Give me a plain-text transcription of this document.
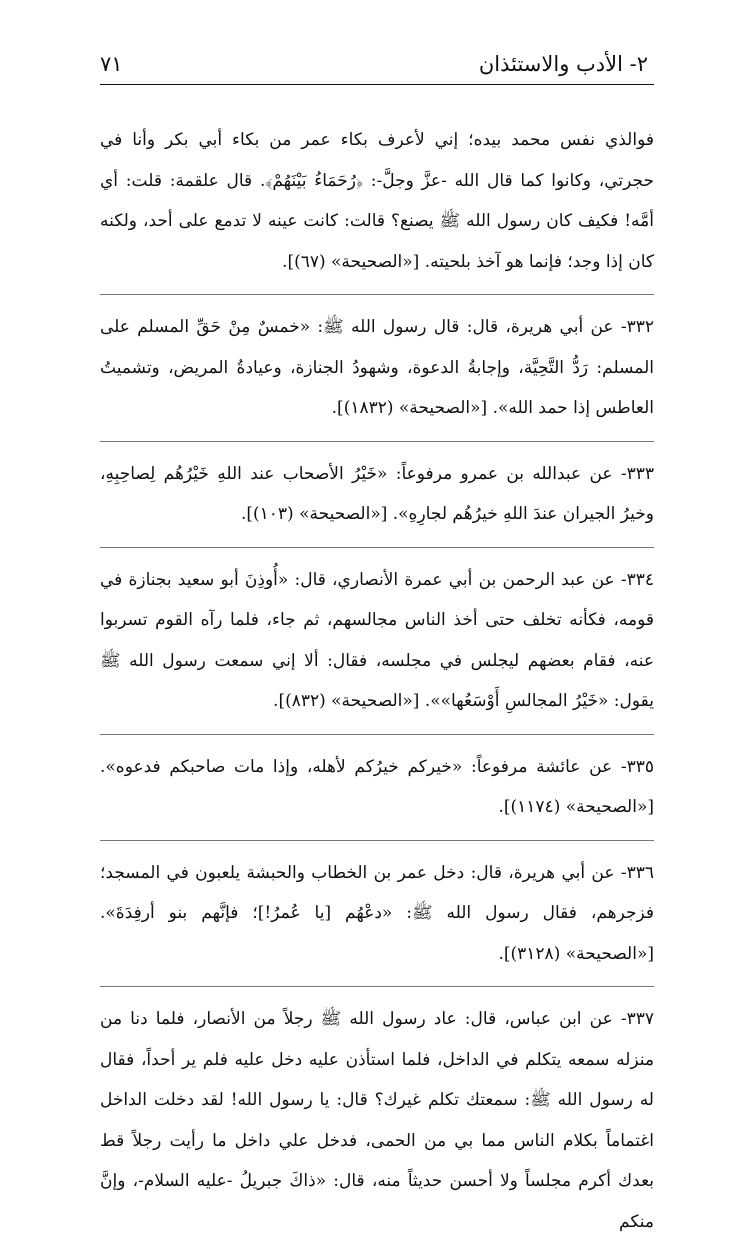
٢- الأدب والاستئذان
٧١

فوالذي نفس محمد بيده؛ إني لأعرف بكاء عمر من بكاء أبي بكر وأنا في حجرتي، وكانوا كما قال الله -عزَّ وجلَّ-: ﴿رُحَمَاءُ بَيْنَهُمْ﴾. قال علقمة: قلت: أي أمَّه! فكيف كان رسول الله ﷺ يصنع؟ قالت: كانت عينه لا تدمع على أحد، ولكنه كان إذا وجد؛ فإنما هو آخذ بلحيته. [«الصحيحة» (٦٧)].

٣٣٢- عن أبي هريرة، قال: قال رسول الله ﷺ: «خمسٌ مِنْ حَقِّ المسلم على المسلم: رَدُّ التَّحِيَّة، وإجابةُ الدعوة، وشهودُ الجنازة، وعيادةُ المريض، وتشميتُ العاطس إذا حمد الله». [«الصحيحة» (١٨٣٢)].

٣٣٣- عن عبدالله بن عمرو مرفوعاً: «خَيْرُ الأصحاب عند اللهِ خَيْرُهُم لِصاحِبِهِ، وخيرُ الجيران عندَ اللهِ خيرُهُم لجارِهِ». [«الصحيحة» (١٠٣)].

٣٣٤- عن عبد الرحمن بن أبي عمرة الأنصاري، قال: «أُوذِنَ أبو سعيد بجنازة في قومه، فكأنه تخلف حتى أخذ الناس مجالسهم، ثم جاء، فلما رآه القوم تسربوا عنه، فقام بعضهم ليجلس في مجلسه، فقال: ألا إني سمعت رسول الله ﷺ يقول: «خَيْرُ المجالسِ أَوْسَعُها»». [«الصحيحة» (٨٣٢)].

٣٣٥- عن عائشة مرفوعاً: «خيركم خيرُكم لأهله، وإذا مات صاحبكم فدعوه». [«الصحيحة» (١١٧٤)].

٣٣٦- عن أبي هريرة، قال: دخل عمر بن الخطاب والحبشة يلعبون في المسجد؛ فزجرهم، فقال رسول الله ﷺ: «دعْهُم [يا عُمرُ!]؛ فإنَّهم بنو أرفِدَةَ». [«الصحيحة» (٣١٢٨)].

٣٣٧- عن ابن عباس، قال: عاد رسول الله ﷺ رجلاً من الأنصار، فلما دنا من منزله سمعه يتكلم في الداخل، فلما استأذن عليه دخل عليه فلم ير أحداً، فقال له رسول الله ﷺ: سمعتك تكلم غيرك؟ قال: يا رسول الله! لقد دخلت الداخل اغتماماً بكلام الناس مما بي من الحمى، فدخل علي داخل ما رأيت رجلاً قط بعدك أكرم مجلساً ولا أحسن حديثاً منه، قال: «ذاكَ جبريلُ -عليه السلام-، وإنَّ منكم
